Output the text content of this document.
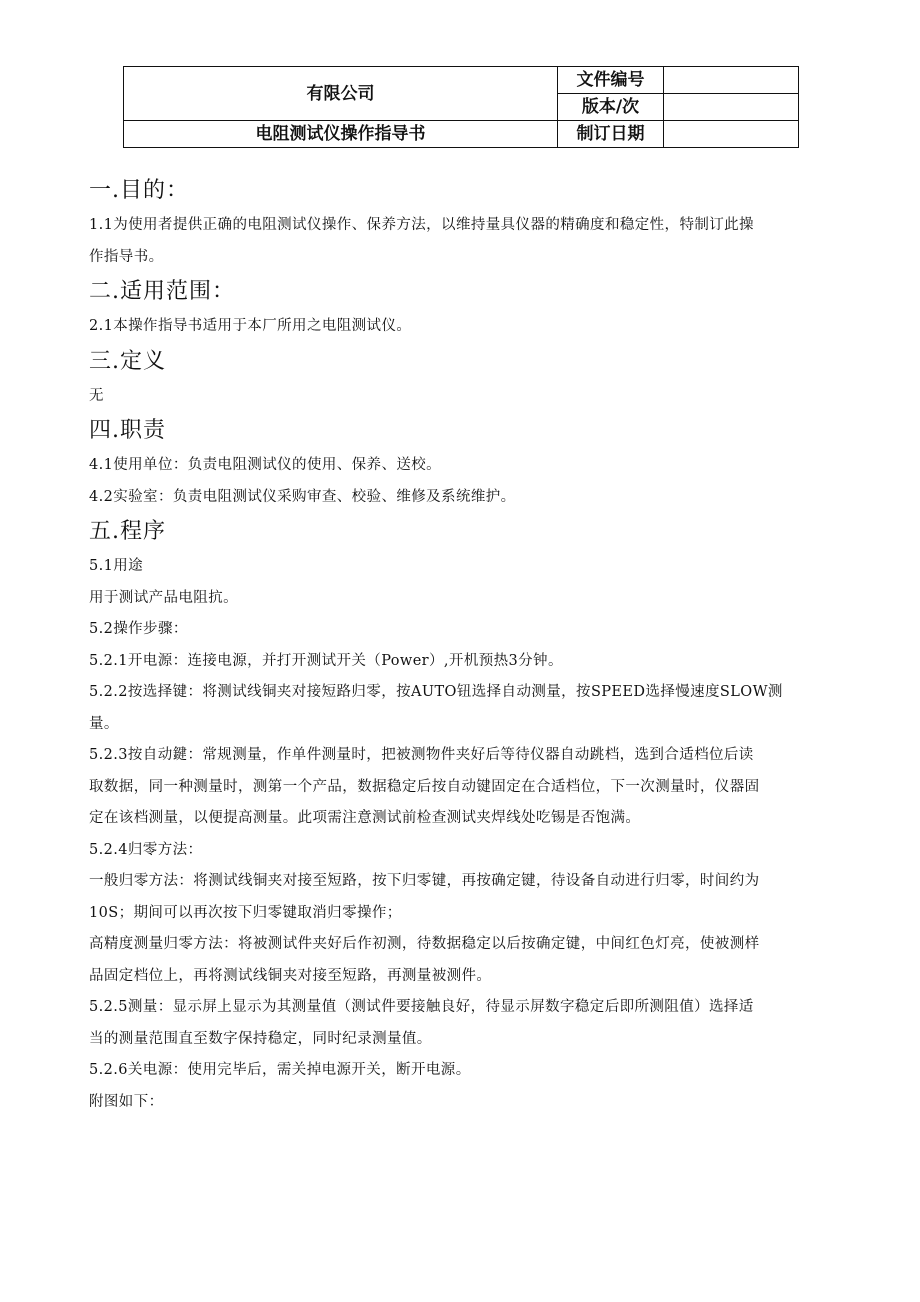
有限公司	文件编号	
	版本/次	
电阻测试仪操作指导书	制订日期	
一.目的：

1.1为使用者提供正确的电阻测试仪操作、保养方法，以维持量具仪器的精确度和稳定性，特制订此操

作指导书。

二.适用范围：

2.1本操作指导书适用于本厂所用之电阻测试仪。

三.定义

无

四.职责

4.1使用单位：负责电阻测试仪的使用、保养、送校。

4.2实验室：负责电阻测试仪采购审查、校验、维修及系统维护。

五.程序

5.1用途

用于测试产品电阻抗。

5.2操作步骤：

5.2.1开电源：连接电源，并打开测试开关（Power）,开机预热3分钟。

5.2.2按选择键：将测试线铜夹对接短路归零，按AUTO钮选择自动测量，按SPEED选择慢速度SLOW测

量。

5.2.3按自动鍵：常规测量，作单件测量时，把被测物件夹好后等待仪器自动跳档，选到合适档位后读

取数据，同一种测量时，测第一个产品，数据稳定后按自动键固定在合适档位，下一次测量时，仪器固

定在该档测量，以便提高测量。此项需注意测试前检查测试夹焊线处吃锡是否饱满。

5.2.4归零方法：

一般归零方法：将测试线铜夹对接至短路，按下归零键，再按确定键，待设备自动进行归零，时间约为

10S；期间可以再次按下归零键取消归零操作；

高精度测量归零方法：将被测试件夹好后作初测，待数据稳定以后按确定键，中间红色灯亮，使被测样

品固定档位上，再将测试线铜夹对接至短路，再测量被测件。

5.2.5测量：显示屏上显示为其测量值（测试件要接触良好，待显示屏数字稳定后即所测阻值）选择适

当的测量范围直至数字保持稳定，同时纪录测量值。

5.2.6关电源：使用完毕后，需关掉电源开关，断开电源。

附图如下：
